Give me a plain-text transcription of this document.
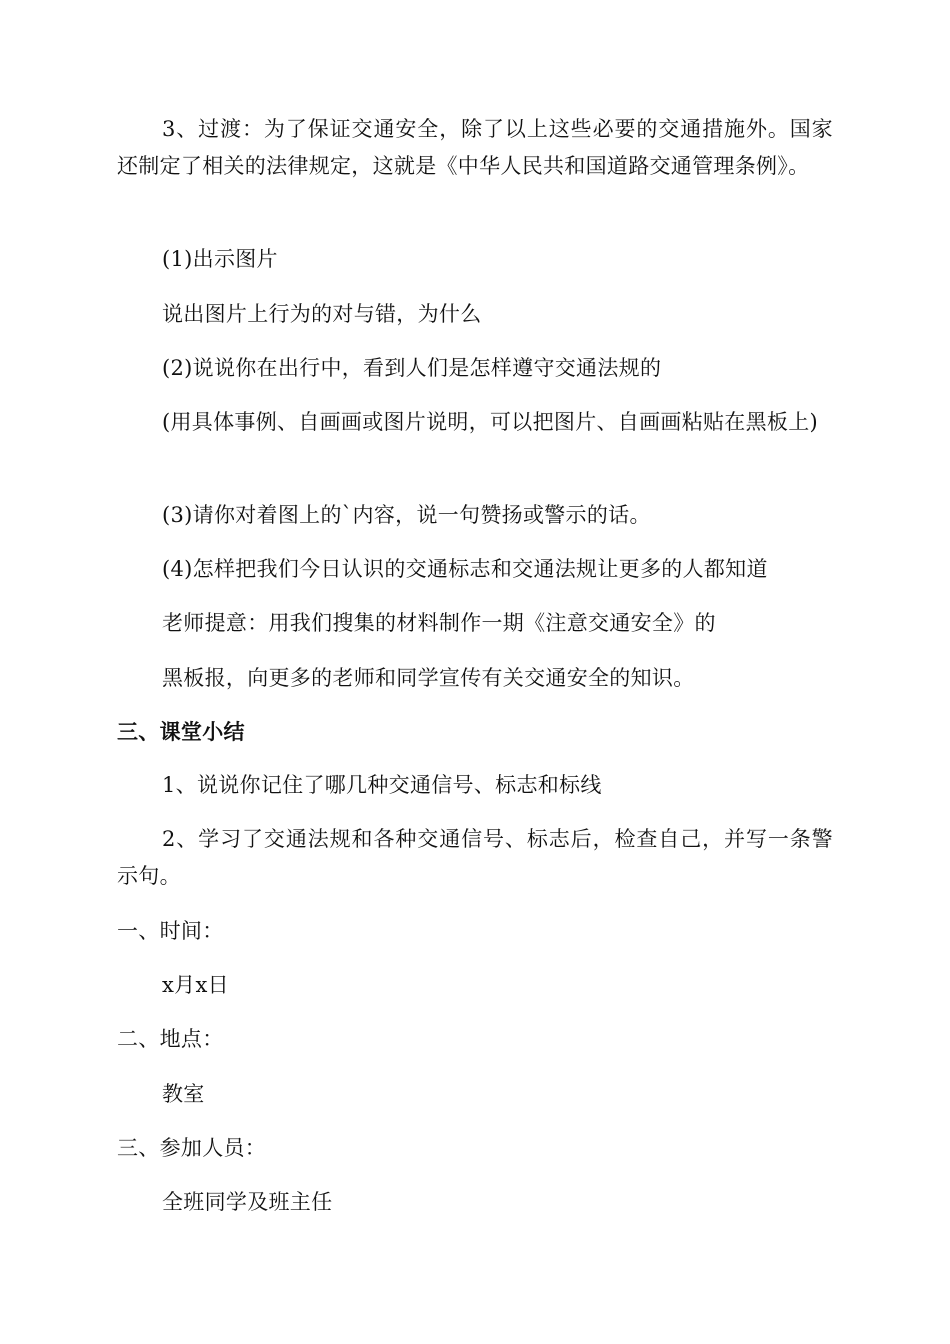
3、过渡：为了保证交通安全，除了以上这些必要的交通措施外。国家还制定了相关的法律规定，这就是《中华人民共和国道路交通管理条例》。
(1)出示图片
说出图片上行为的对与错，为什么
(2)说说你在出行中，看到人们是怎样遵守交通法规的
(用具体事例、自画画或图片说明，可以把图片、自画画粘贴在黑板上)
(3)请你对着图上的`内容，说一句赞扬或警示的话。
(4)怎样把我们今日认识的交通标志和交通法规让更多的人都知道
老师提意：用我们搜集的材料制作一期《注意交通安全》的
黑板报，向更多的老师和同学宣传有关交通安全的知识。
三、课堂小结
1、说说你记住了哪几种交通信号、标志和标线
2、学习了交通法规和各种交通信号、标志后，检查自己，并写一条警示句。
一、时间：
x月x日
二、地点：
教室
三、参加人员：
全班同学及班主任
